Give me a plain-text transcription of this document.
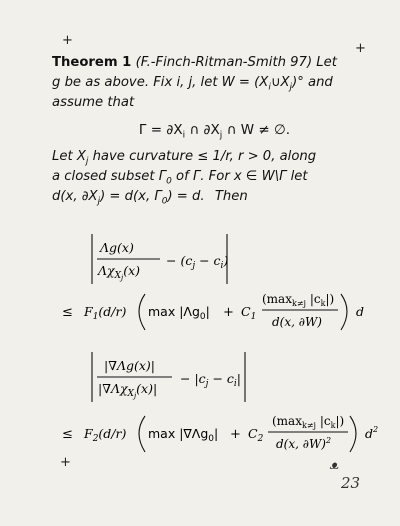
+
+
+
Theorem 1 (F.-Finch-Ritman-Smith 97) Let
g be as above. Fix i, j, let $W = (X_i\cup X_j)^\circ$ and
assume that
$\Gamma = \partial X_i$ ∩ $\partial X_j$ ∩ W ≠ ∅.
Let $X_j$ have curvature ≤ 1/r, r > 0, along
a closed subset $\Gamma_0$ of Γ. For x ∈ W\Γ let
d(x, $\partial X_j) = d(x$, $\Gamma_0) = d$. Then
Λg(x)
$\Lambda\chi_Xj(x)$
− $(c_j - c_i)$
≤ $F_1(d/r)$ $\max |\Lambda g_0| + C_1$
($\max_{k\ne j}$ $|c_k|$)
d(x, ∂W)
d
|∇Λg(x)|
$|\nabla\Lambda\chi_Xj(x)|$
− $|c_j - c_i|$
≤ $F_2(d/r)$ $\max |\nabla\Lambda g_0| + C_2$
($\max_{k\ne j}$ $|c_k|$)
d(x, ∂W)$^2$	$d^2$
ᴥ
23
